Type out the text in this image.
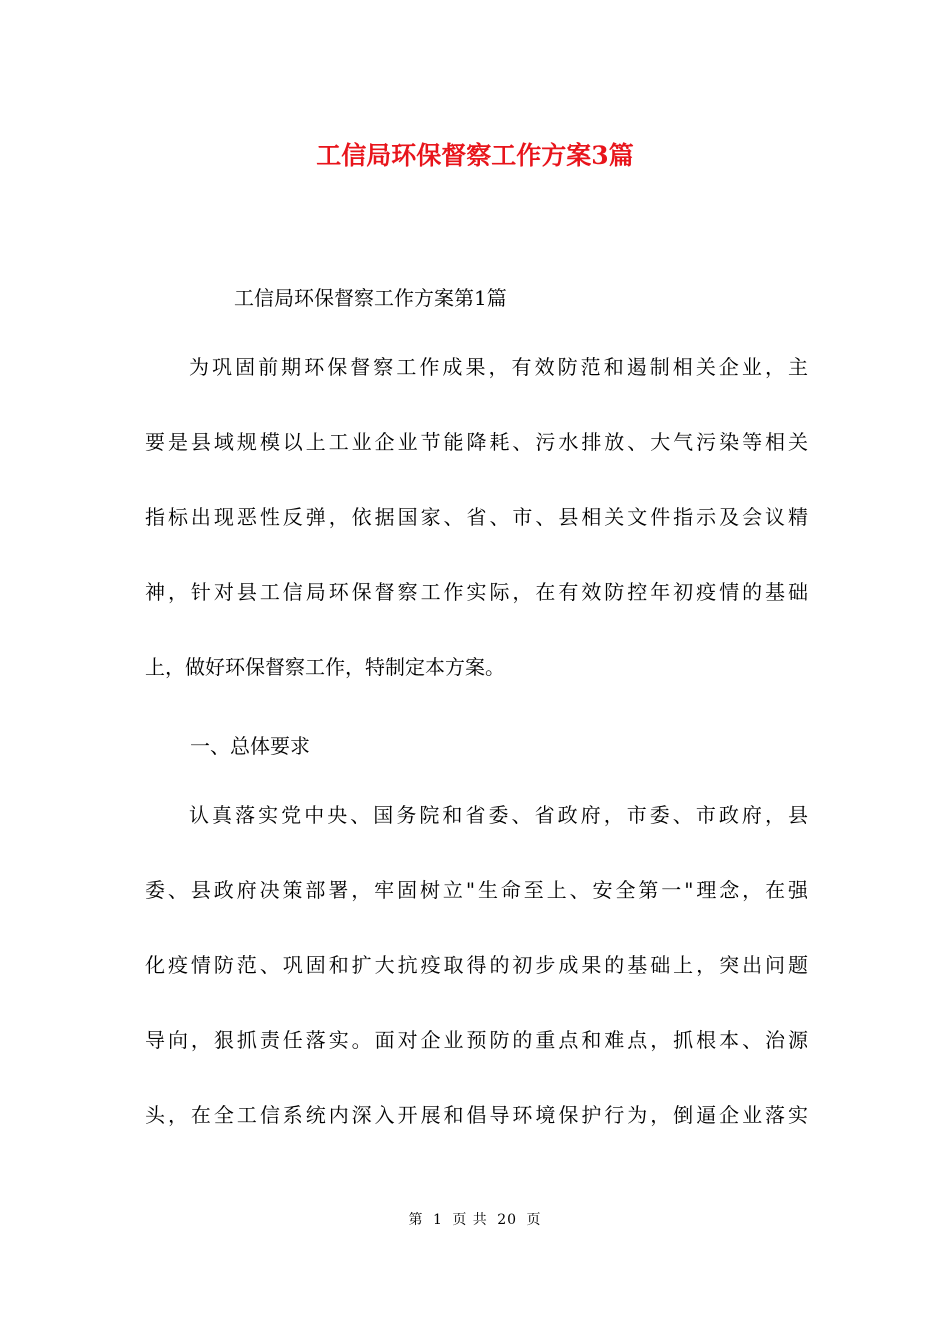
工信局环保督察工作方案3篇
工信局环保督察工作方案第1篇
为巩固前期环保督察工作成果，有效防范和遏制相关企业，主
要是县域规模以上工业企业节能降耗、污水排放、大气污染等相关
指标出现恶性反弹，依据国家、省、市、县相关文件指示及会议精
神，针对县工信局环保督察工作实际，在有效防控年初疫情的基础
上，做好环保督察工作，特制定本方案。
一、总体要求
认真落实党中央、国务院和省委、省政府，市委、市政府，县
委、县政府决策部署，牢固树立"生命至上、安全第一"理念，在强
化疫情防范、巩固和扩大抗疫取得的初步成果的基础上，突出问题
导向，狠抓责任落实。面对企业预防的重点和难点，抓根本、治源
头，在全工信系统内深入开展和倡导环境保护行为，倒逼企业落实
第 1 页 共 20 页
